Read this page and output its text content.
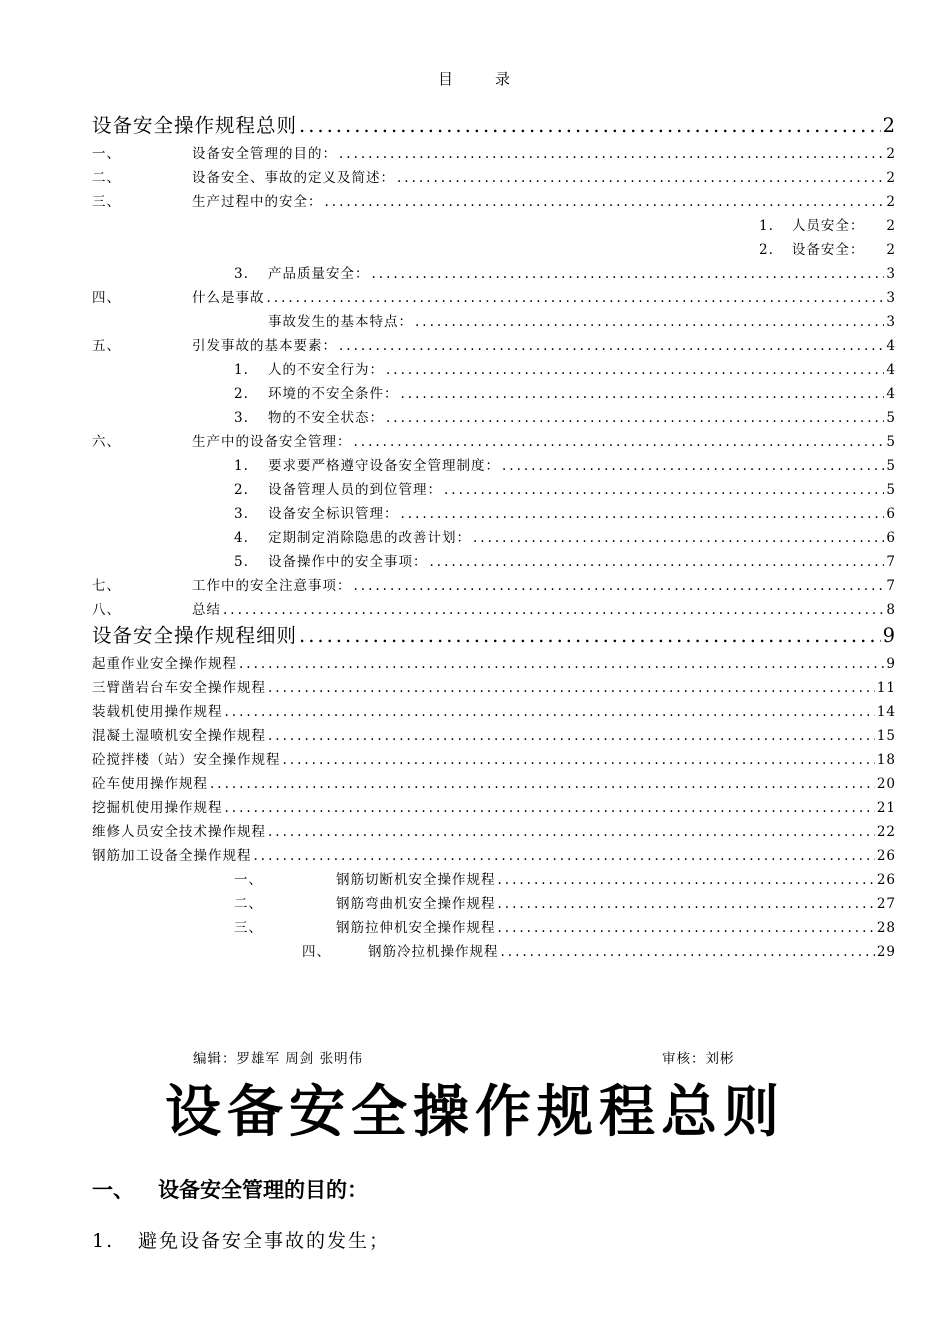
目	录
设备安全操作规程总则 .....	2
一、	设备安全管理的目的： .....	2
二、	设备安全、事故的定义及简述： .....	2
三、	生产过程中的安全： .....	2
1. 人员安全： 2
2. 设备安全： 2
3.	产品质量安全： .....	3
四、	什么是事故 .....	3
事故发生的基本特点： .....	3
五、	引发事故的基本要素： .....	4
1.	人的不安全行为： .....	4
2.	环境的不安全条件： .....	4
3.	物的不安全状态： .....	5
六、	生产中的设备安全管理： .....	5
1.	要求要严格遵守设备安全管理制度： .....	5
2.	设备管理人员的到位管理： .....	5
3.	设备安全标识管理： .....	6
4.	定期制定消除隐患的改善计划： .....	6
5.	设备操作中的安全事项： .....	7
七、	工作中的安全注意事项： .....	7
八、	总结 .....	8
设备安全操作规程细则 .....	9
起重作业安全操作规程 .....	9
三臂凿岩台车安全操作规程 .....	11
装载机使用操作规程 .....	14
混凝土湿喷机安全操作规程 .....	15
砼搅拌楼（站）安全操作规程 .....	18
砼车使用操作规程 .....	20
挖掘机使用操作规程 .....	21
维修人员安全技术操作规程 .....	22
钢筋加工设备全操作规程 .....	26
一、	钢筋切断机安全操作规程 .....	26
二、	钢筋弯曲机安全操作规程 .....	27
三、	钢筋拉伸机安全操作规程 .....	28
四、	钢筋冷拉机操作规程 .....	29
编辑：罗雄军 周剑 张明伟	审核：刘彬
设备安全操作规程总则
一、 设备安全管理的目的：
1. 避免设备安全事故的发生；
